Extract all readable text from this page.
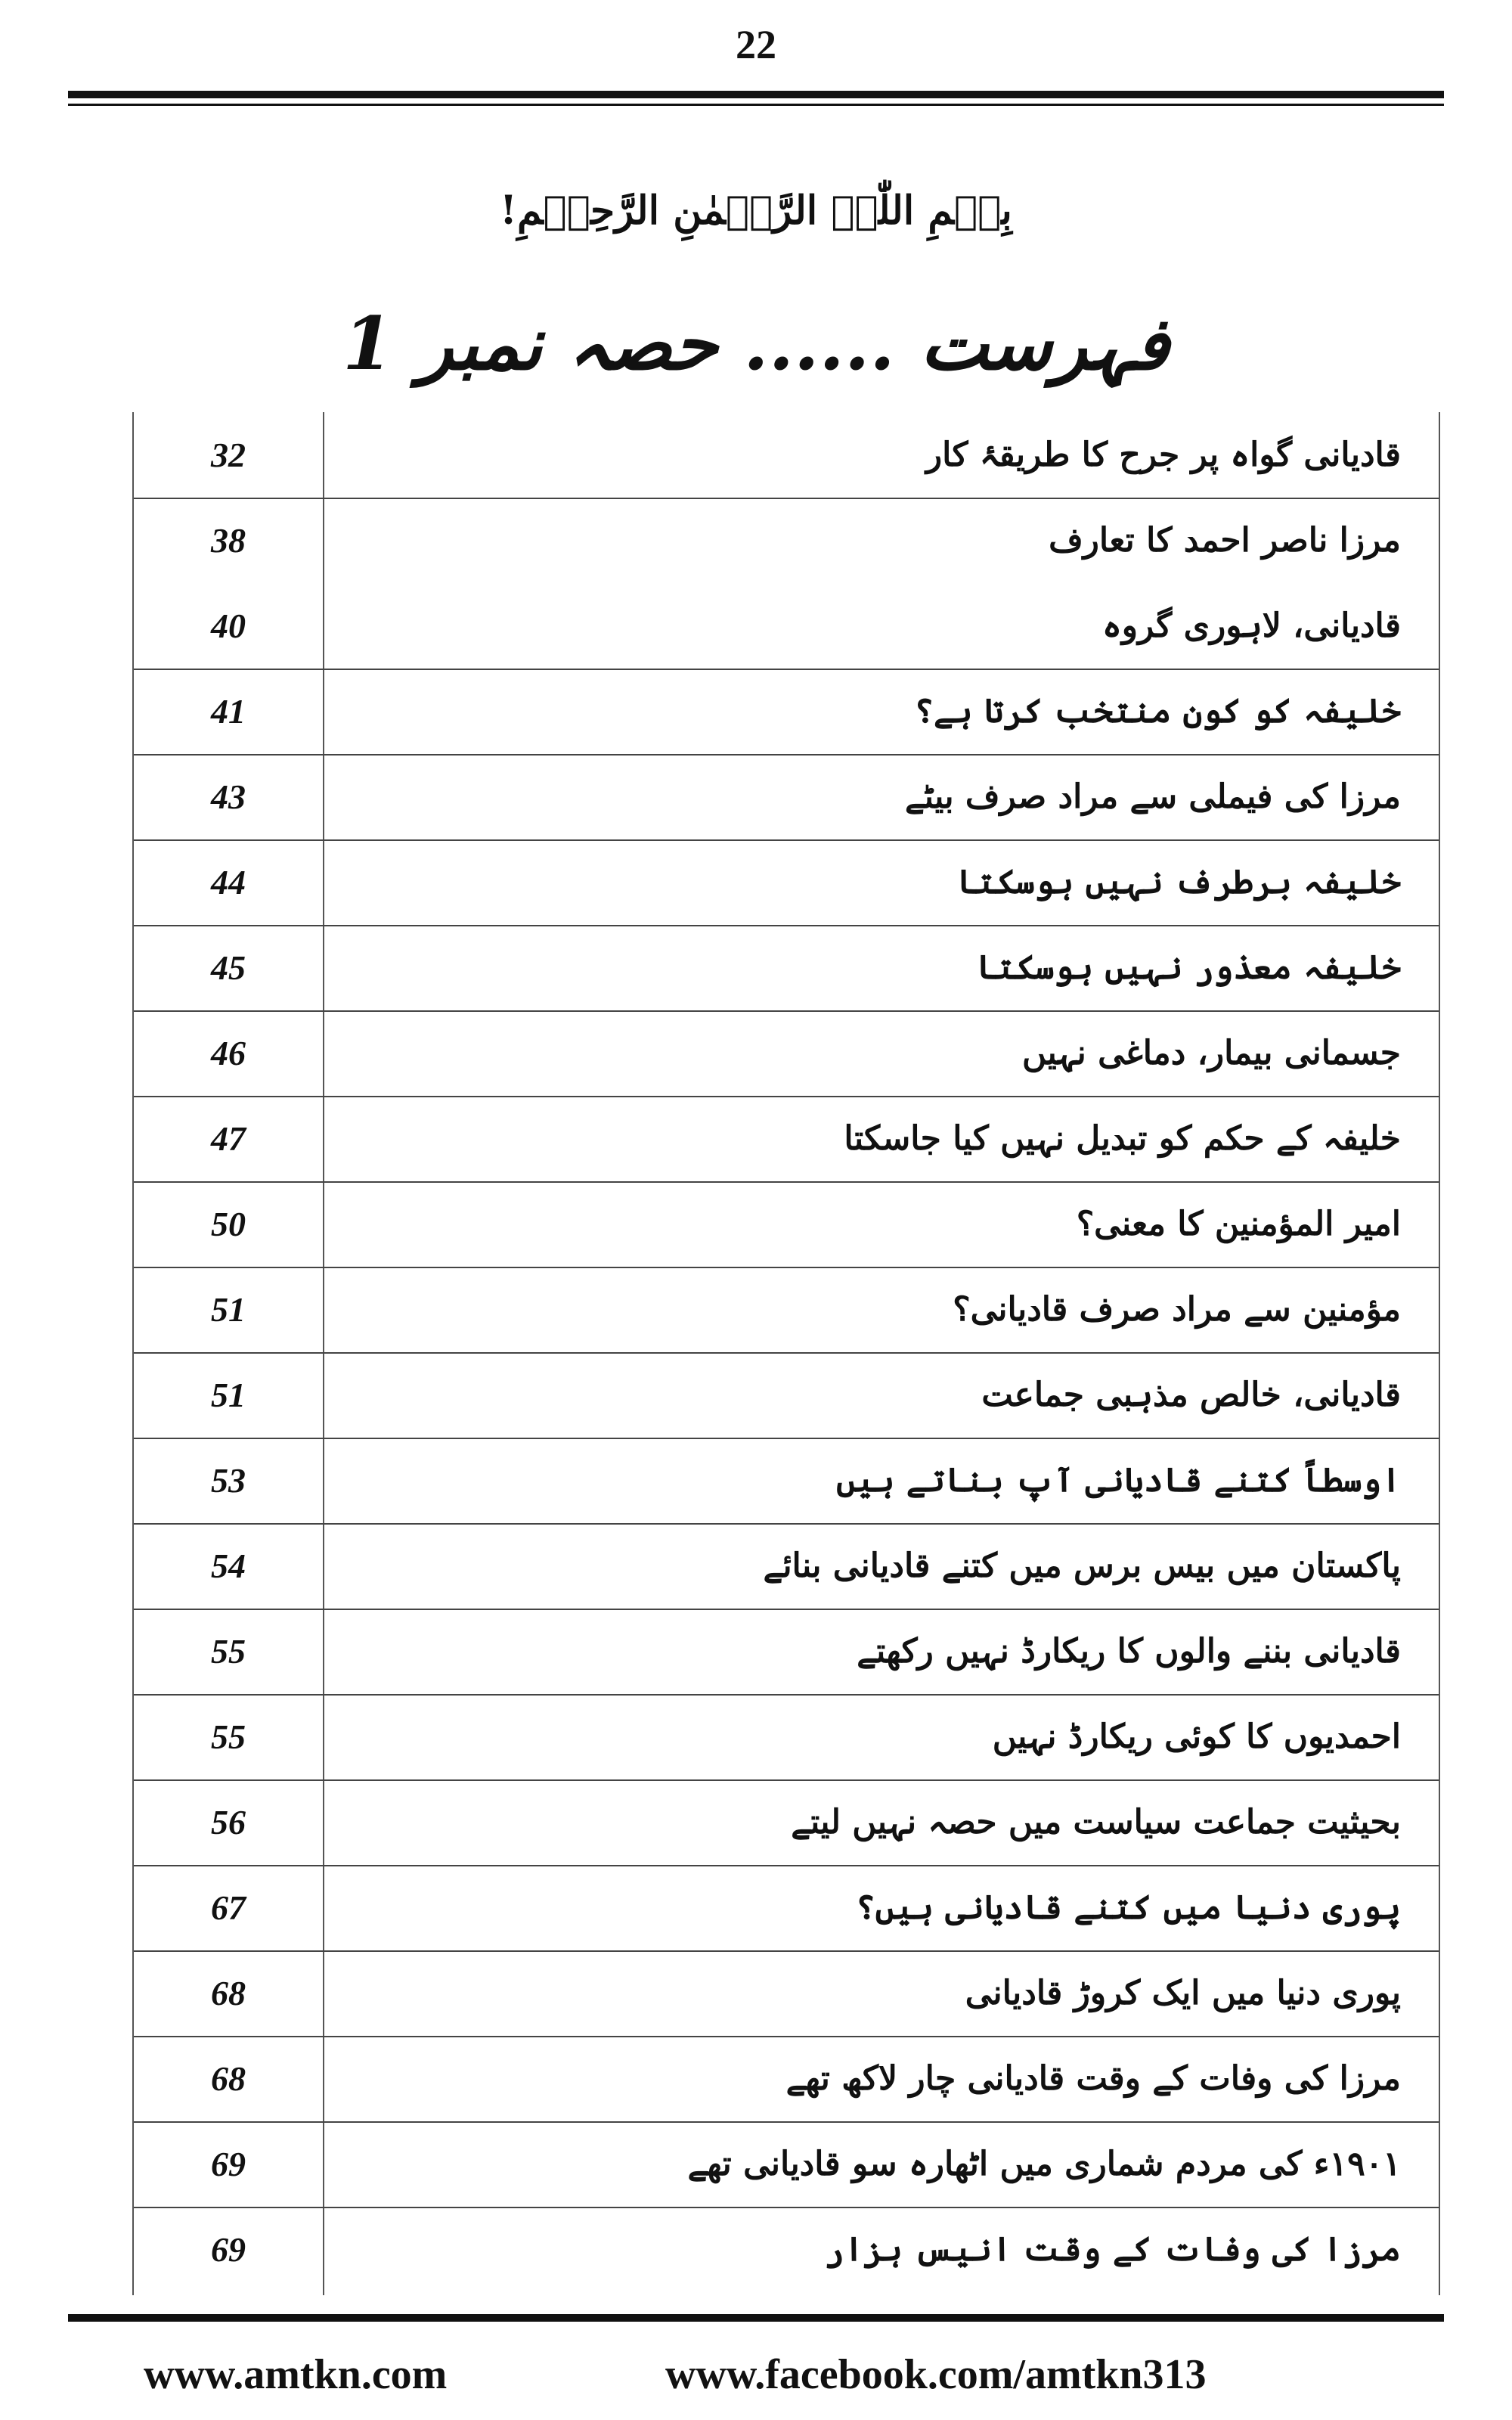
22
بِسۡمِ اللّٰہِ الرَّحۡمٰنِ الرَّحِیۡمِ!
فہرست ...... حصہ نمبر 1
قادیانی گواہ پر جرح کا طریقۂ کار
32
مرزا ناصر احمد کا تعارف
38
قادیانی، لاہوری گروہ
40
خلیفہ کو کون منتخب کرتا ہے؟
41
مرزا کی فیملی سے مراد صرف بیٹے
43
خلیفہ برطرف نہیں ہوسکتا
44
خلیفہ معذور نہیں ہوسکتا
45
جسمانی بیمار، دماغی نہیں
46
خلیفہ کے حکم کو تبدیل نہیں کیا جاسکتا
47
امیر المؤمنین کا معنی؟
50
مؤمنین سے مراد صرف قادیانی؟
51
قادیانی، خالص مذہبی جماعت
51
اوسطاً کتنے قادیانی آپ بناتے ہیں
53
پاکستان میں بیس برس میں کتنے قادیانی بنائے
54
قادیانی بننے والوں کا ریکارڈ نہیں رکھتے
55
احمدیوں کا کوئی ریکارڈ نہیں
55
بحیثیت جماعت سیاست میں حصہ نہیں لیتے
56
پوری دنیا میں کتنے قادیانی ہیں؟
67
پوری دنیا میں ایک کروڑ قادیانی
68
مرزا کی وفات کے وقت قادیانی چار لاکھ تھے
68
۱۹۰۱ء کی مردم شماری میں اٹھارہ سو قادیانی تھے
69
مرزا کی وفات کے وقت انیس ہزار
69
www.amtkn.com	www.facebook.com/amtkn313
